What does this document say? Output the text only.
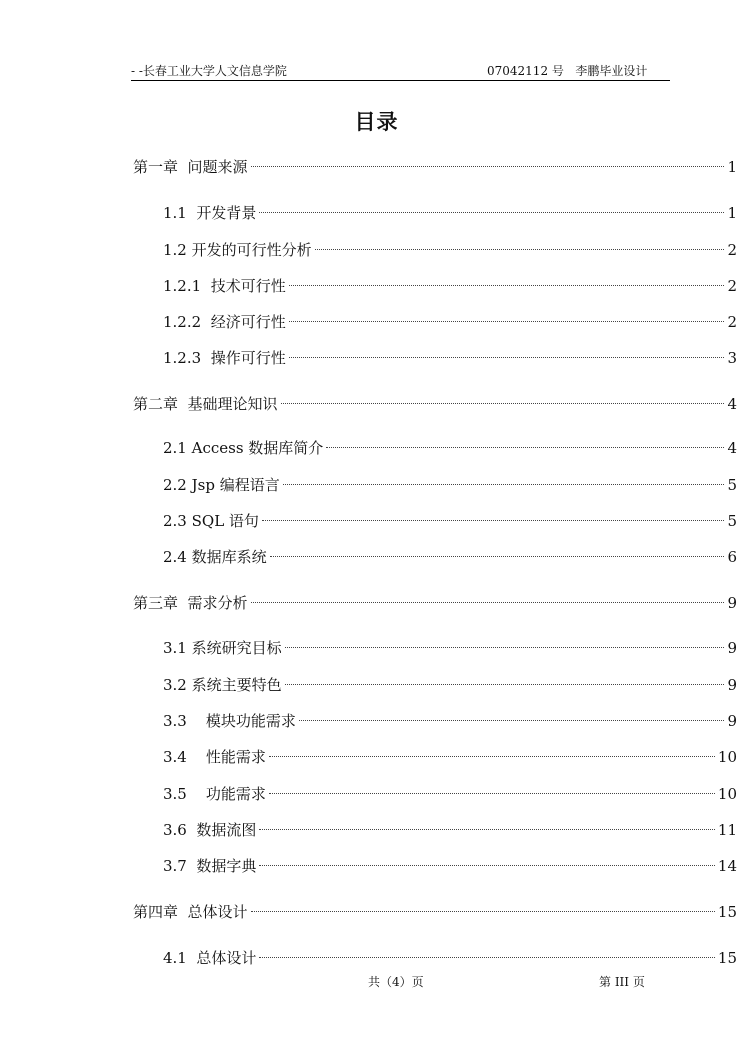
- -长春工业大学人文信息学院	07042112 号   李鹏毕业设计
目录
第一章  问题来源	1
1.1  开发背景	1
1.2 开发的可行性分析	2
1.2.1  技术可行性	2
1.2.2  经济可行性	2
1.2.3  操作可行性	3
第二章  基础理论知识	4
2.1 Access 数据库简介	4
2.2 Jsp 编程语言	5
2.3 SQL 语句	5
2.4 数据库系统	6
第三章  需求分析	9
3.1 系统研究目标	9
3.2 系统主要特色	9
3.3    模块功能需求	9
3.4    性能需求	10
3.5    功能需求	10
3.6  数据流图	11
3.7  数据字典	14
第四章  总体设计	15
4.1  总体设计	15
共（4）页	第 III 页
